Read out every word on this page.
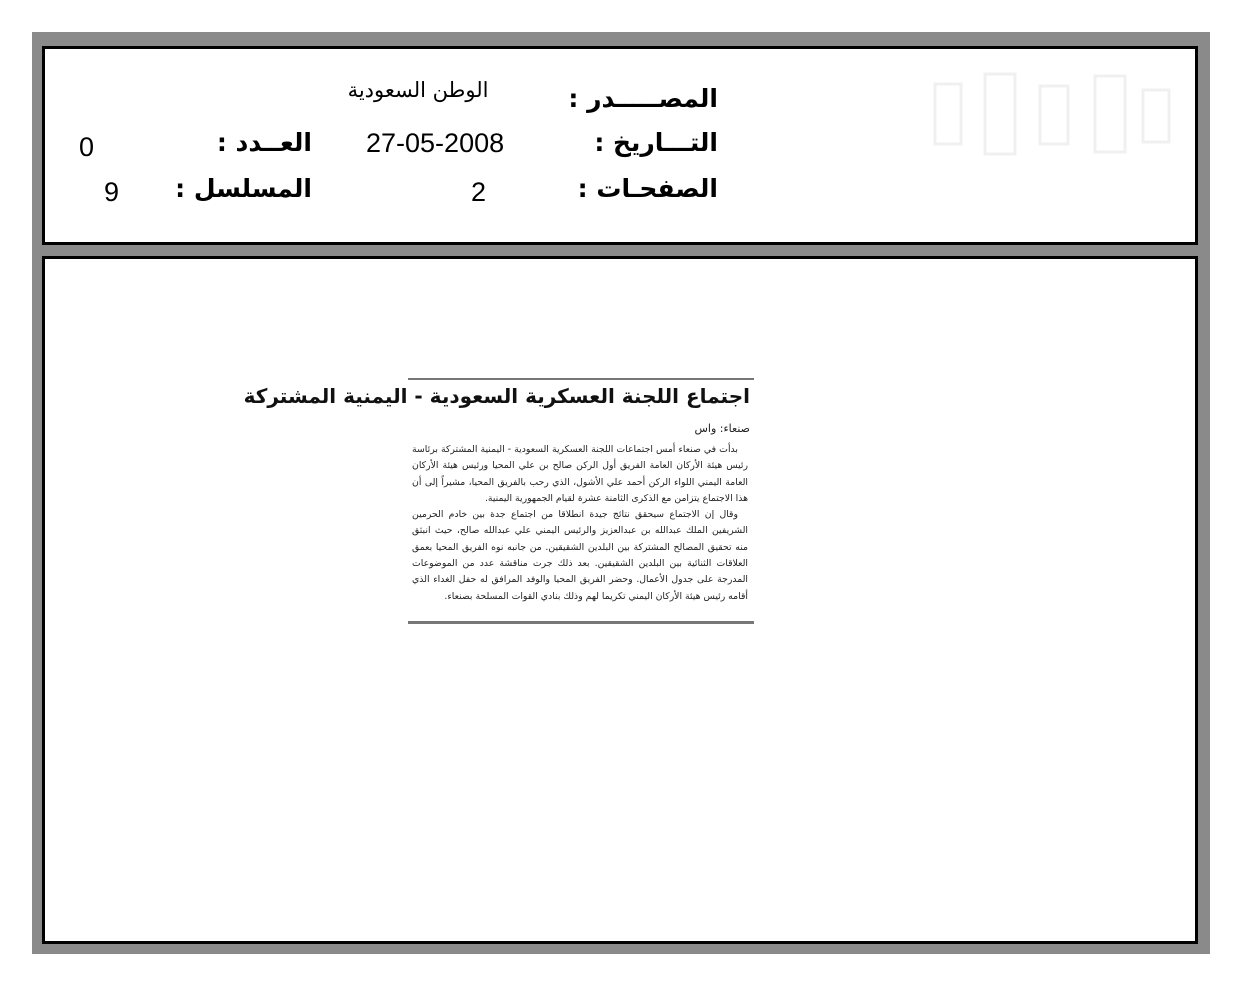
المصـــــدر :
الوطن السعودية
التـــاريخ :
27-05-2008
الصفحـات :
2
العــدد :
0
المسلسل :
9
اجتماع اللجنة العسكرية السعودية - اليمنية المشتركة
صنعاء: واس

بدأت في صنعاء أمس اجتماعات اللجنة العسكرية السعودية - اليمنية المشتركة برئاسة رئيس هيئة الأركان العامة الفريق أول الركن صالح بن علي المحيا ورئيس هيئة الأركان العامة اليمني اللواء الركن أحمد علي الأشول، الذي رحب بالفريق المحيا، مشيراً إلى أن هذا الاجتماع يتزامن مع الذكرى الثامنة عشرة لقيام الجمهورية اليمنية.

وقال إن الاجتماع سيحقق نتائج جيدة انطلاقا من اجتماع جدة بين خادم الحرمين الشريفين الملك عبدالله بن عبدالعزيز والرئيس اليمني علي عبدالله صالح، حيث انبثق منه تحقيق المصالح المشتركة بين البلدين الشقيقين. من جانبه نوه الفريق المحيا بعمق العلاقات الثنائية بين البلدين الشقيقين. بعد ذلك جرت مناقشة عدد من الموضوعات المدرجة على جدول الأعمال. وحضر الفريق المحيا والوفد المرافق له حفل الغداء الذي أقامه رئيس هيئة الأركان اليمني تكريما لهم وذلك بنادي القوات المسلحة بصنعاء.
